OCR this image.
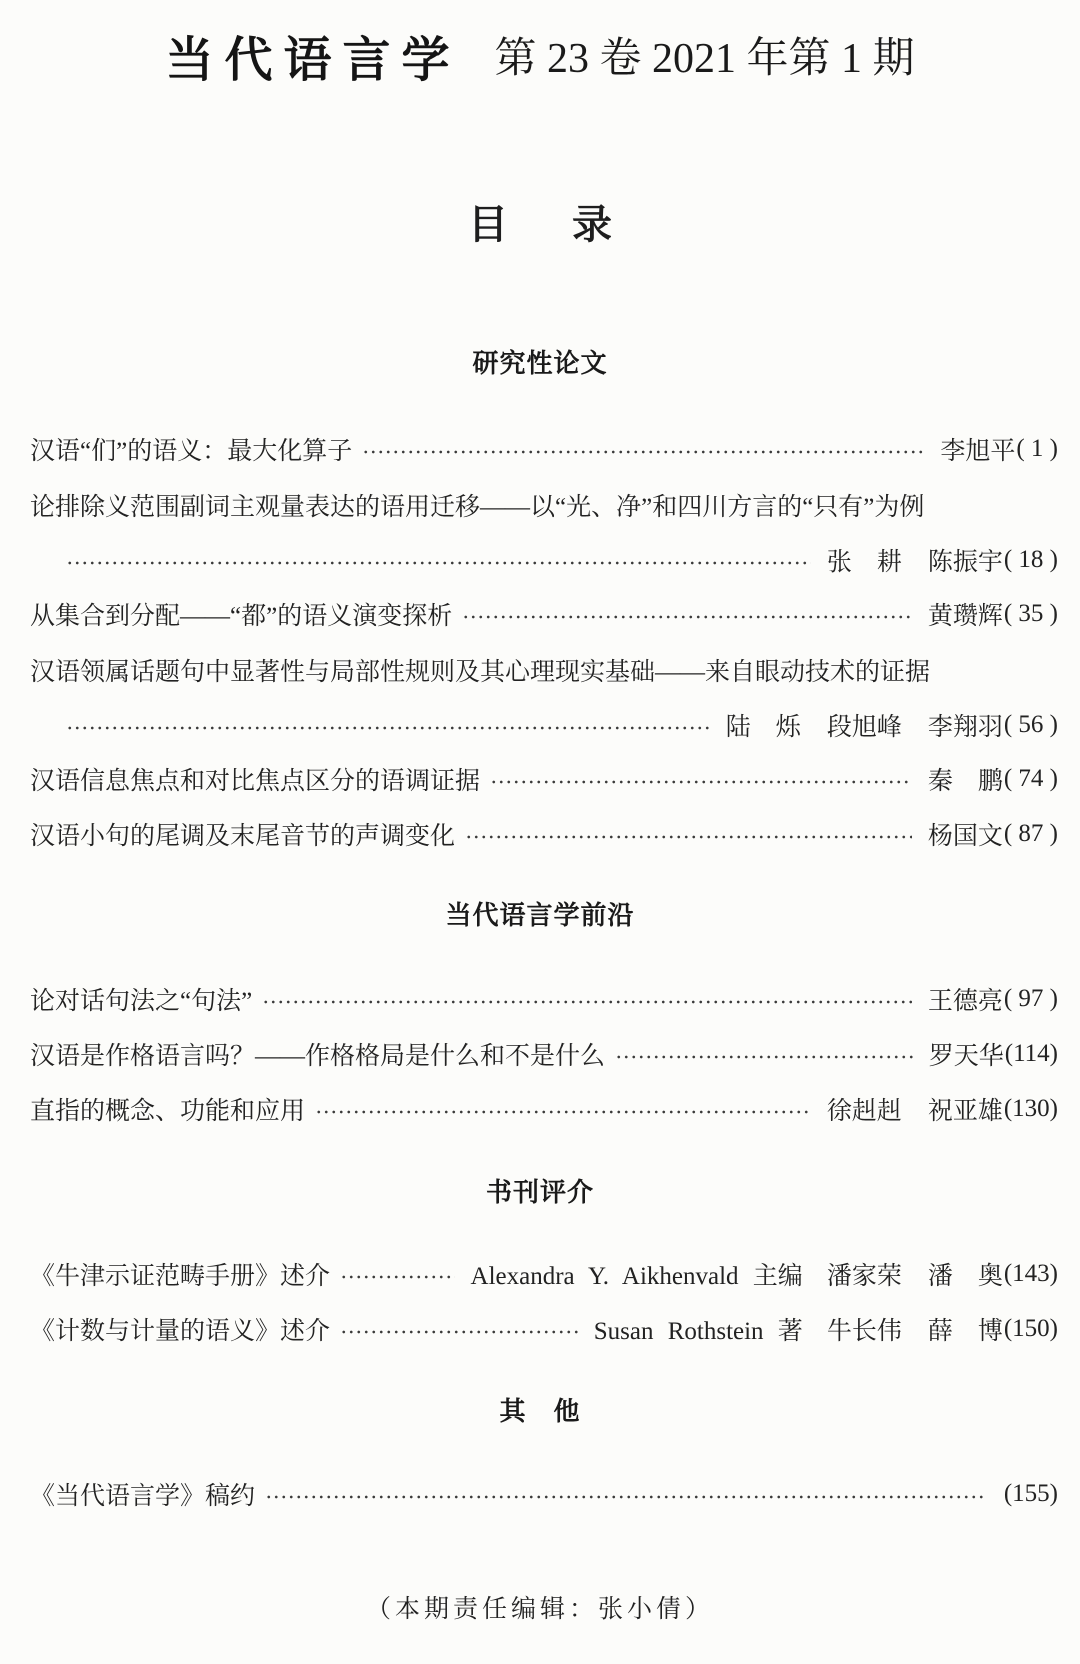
当代语言学 第 23 卷 2021 年第 1 期
目　录
研究性论文
汉语“们”的语义：最大化算子	李旭平 ( 1 )
论排除义范围副词主观量表达的语用迁移——以“光、净”和四川方言的“只有”为例
张　耕 陈振宇 ( 18 )
从集合到分配——“都”的语义演变探析	黄瓒辉 ( 35 )
汉语领属话题句中显著性与局部性规则及其心理现实基础——来自眼动技术的证据
陆　烁 段旭峰 李翔羽 ( 56 )
汉语信息焦点和对比焦点区分的语调证据	秦　鹏 ( 74 )
汉语小句的尾调及末尾音节的声调变化	杨国文 ( 87 )
当代语言学前沿
论对话句法之“句法”	王德亮 ( 97 )
汉语是作格语言吗？——作格格局是什么和不是什么	罗天华 (114)
直指的概念、功能和应用	徐赳赳 祝亚雄 (130)
书刊评介
《牛津示证范畴手册》述介	Alexandra Y. Aikhenvald 主编 潘家荣 潘　奥 (143)
《计数与计量的语义》述介	Susan Rothstein 著 牛长伟 薛　博 (150)
其　他
《当代语言学》稿约	(155)
（本期责任编辑：张小倩）
